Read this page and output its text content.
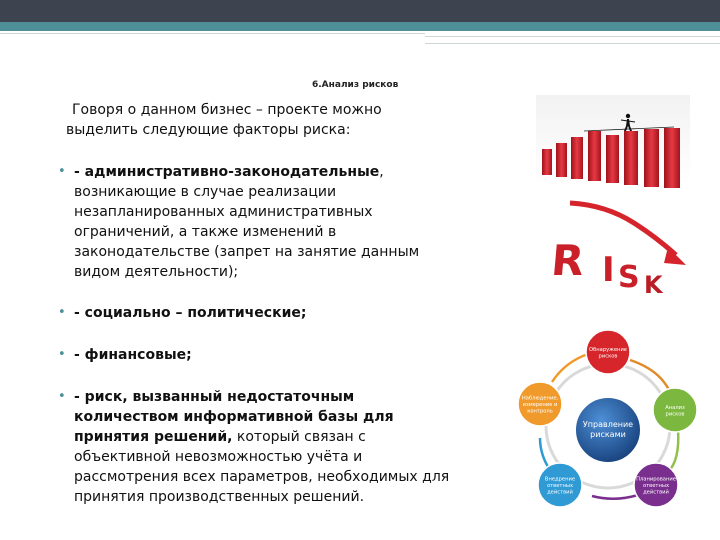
6.Анализ рисков
Говоря о данном бизнес – проекте можно
выделить следующие факторы риска:
• - административно-законодательные,
возникающие в случае реализации
незапланированных административных
ограничений, а также изменений в
законодательстве (запрет на занятие данным
видом деятельности);
• - социально – политические;
• - финансовые;
• - риск, вызванный недостаточным
количеством информативной базы для
принятия решений, который связан с
объективной невозможностью учёта и
рассмотрения всех параметров, необходимых для
принятия производственных решений.
R I S K
Управление
рисками
Обнаружение
рисков
Анализ
рисков
Планирование
ответных
действий
Внедрение
ответных
действий
Наблюдение,
измерение и
контроль
